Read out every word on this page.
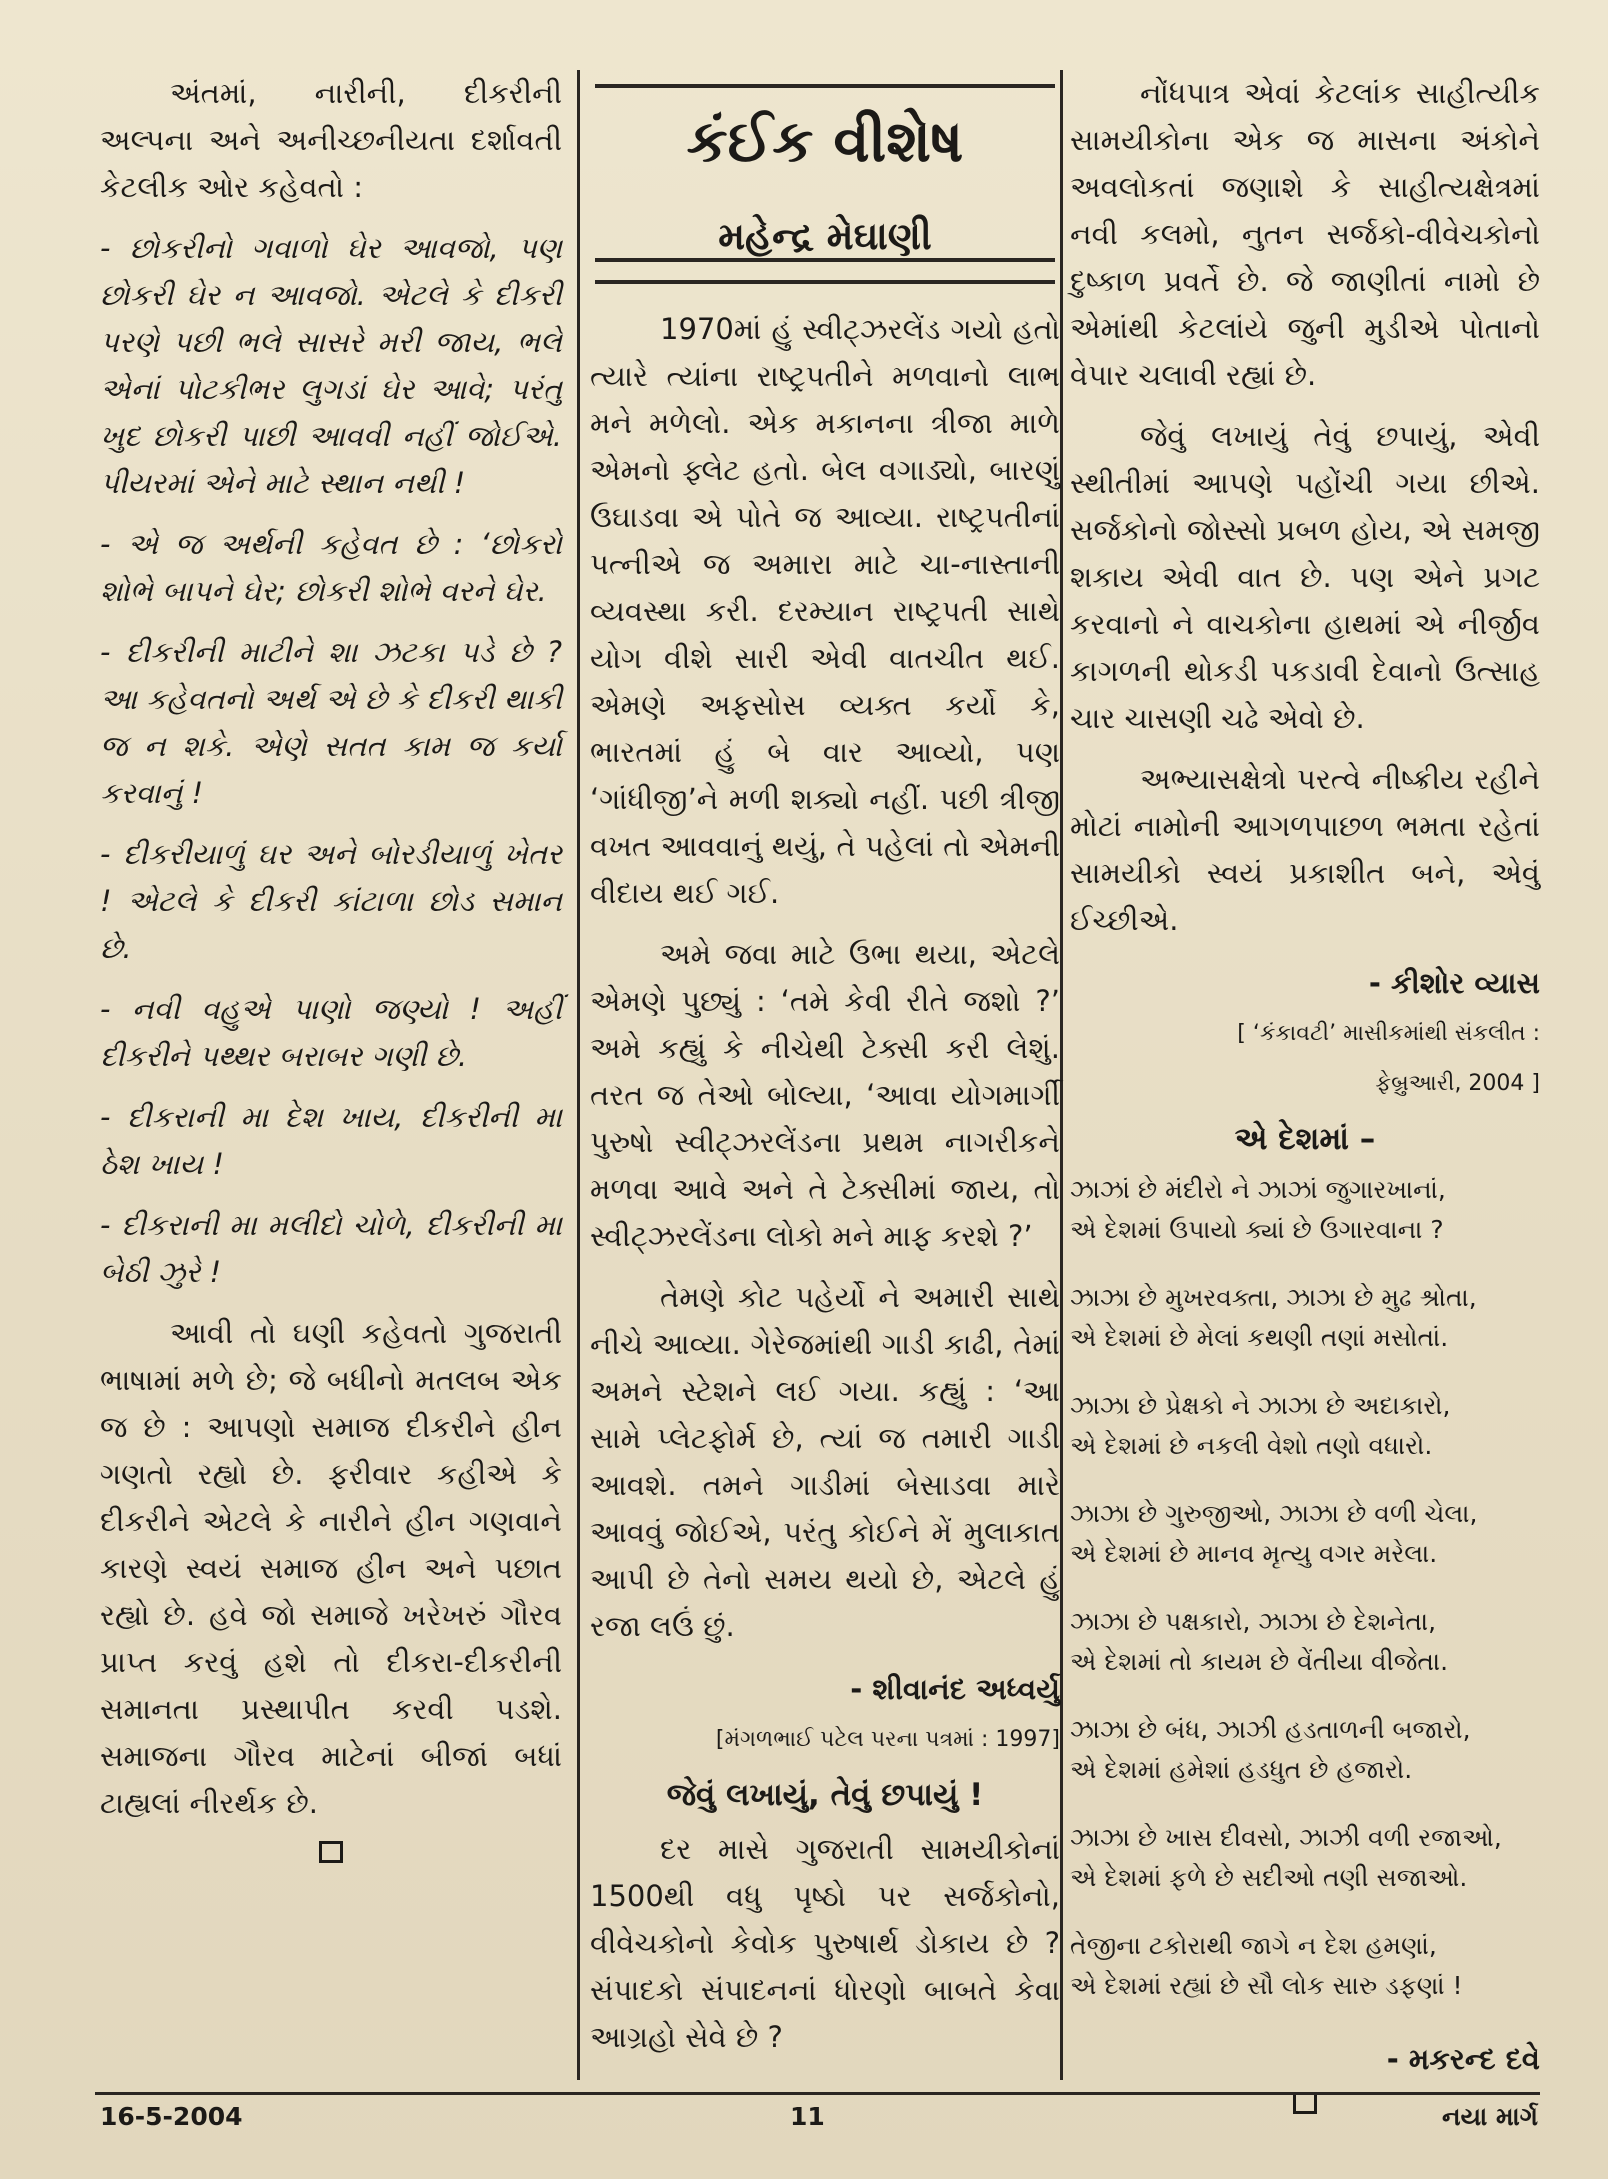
અંતમાં, નારીની, દીકરીની અલ્પના અને અનીચ્છનીયતા દર્શાવતી કેટલીક ઓર કહેવતો :

- છોકરીનો ગવાળો ઘેર આવજો, પણ છોકરી ઘેર ન આવજો. એટલે કે દીકરી પરણે પછી ભલે સાસરે મરી જાય, ભલે એનાં પોટકીભર લુગડાં ઘેર આવે; પરંતુ ખુદ છોકરી પાછી આવવી નહીં જોઈએ. પીયરમાં એને માટે સ્થાન નથી !

- એ જ અર્થની કહેવત છે : ‘છોકરો શોભે બાપને ઘેર; છોકરી શોભે વરને ઘેર.

- દીકરીની માટીને શા ઝટકા પડે છે ? આ કહેવતનો અર્થ એ છે કે દીકરી થાકી જ ન શકે. એણે સતત કામ જ કર્યા કરવાનું !

- દીકરીયાળું ઘર અને બોરડીયાળું ખેતર ! એટલે કે દીકરી કાંટાળા છોડ સમાન છે.

- નવી વહુએ પાણો જણ્યો ! અહીં દીકરીને પથ્થર બરાબર ગણી છે.

- દીકરાની મા દેશ ખાય, દીકરીની મા ઠેશ ખાય !

- દીકરાની મા મલીદો ચોળે, દીકરીની મા બેઠી ઝુરે !

આવી તો ઘણી કહેવતો ગુજરાતી ભાષામાં મળે છે; જે બધીનો મતલબ એક જ છે : આપણો સમાજ દીકરીને હીન ગણતો રહ્યો છે. ફરીવાર કહીએ કે દીકરીને એટલે કે નારીને હીન ગણવાને કારણે સ્વયં સમાજ હીન અને પછાત રહ્યો છે. હવે જો સમાજે ખરેખરું ગૌરવ પ્રાપ્ત કરવું હશે તો દીકરા-દીકરીની સમાનતા પ્રસ્થાપીત કરવી પડશે. સમાજના ગૌરવ માટેનાં બીજાં બધાં ટાહ્યલાં નીરર્થક છે.

કંઈક વીશેષ
મહેન્દ્ર મેઘાણી

1970માં હું સ્વીટ્ઝરલેંડ ગયો હતો ત્યારે ત્યાંના રાષ્ટ્રપતીને મળવાનો લાભ મને મળેલો. એક મકાનના ત્રીજા માળે એમનો ફ્લેટ હતો. બેલ વગાડ્યો, બારણું ઉઘાડવા એ પોતે જ આવ્યા. રાષ્ટ્રપતીનાં પત્નીએ જ અમારા માટે ચા-નાસ્તાની વ્યવસ્થા કરી. દરમ્યાન રાષ્ટ્રપતી સાથે યોગ વીશે સારી એવી વાતચીત થઈ. એમણે અફસોસ વ્યક્ત કર્યો કે, ભારતમાં હું બે વાર આવ્યો, પણ ‘ગાંધીજી’ને મળી શક્યો નહીં. પછી ત્રીજી વખત આવવાનું થયું, તે પહેલાં તો એમની વીદાય થઈ ગઈ.

અમે જવા માટે ઉભા થયા, એટલે એમણે પુછ્યું : ‘તમે કેવી રીતે જશો ?’ અમે કહ્યું કે નીચેથી ટેક્સી કરી લેશું. તરત જ તેઓ બોલ્યા, ‘આવા યોગમાર્ગી પુરુષો સ્વીટ્ઝરલેંડના પ્રથમ નાગરીકને મળવા આવે અને તે ટેક્સીમાં જાય, તો સ્વીટ્ઝરલેંડના લોકો મને માફ કરશે ?’

તેમણે કોટ પહેર્યો ને અમારી સાથે નીચે આવ્યા. ગેરેજમાંથી ગાડી કાઢી, તેમાં અમને સ્ટેશને લઈ ગયા. કહ્યું : ‘આ સામે પ્લેટફોર્મ છે, ત્યાં જ તમારી ગાડી આવશે. તમને ગાડીમાં બેસાડવા મારે આવવું જોઈએ, પરંતુ કોઈને મેં મુલાકાત આપી છે તેનો સમય થયો છે, એટલે હું રજા લઉં છું.

- શીવાનંદ અધ્વર્યુ
[મંગળભાઈ પટેલ પરના પત્રમાં : 1997]
જેવું લખાયું, તેવું છપાયું !

દર માસે ગુજરાતી સામયીકોનાં 1500થી વધુ પૃષ્ઠો પર સર્જકોનો, વીવેચકોનો કેવોક પુરુષાર્થ ડોકાય છે ? સંપાદકો સંપાદનનાં ધોરણો બાબતે કેવા આગ્રહો સેવે છે ?

નોંધપાત્ર એવાં કેટલાંક સાહીત્યીક સામયીકોના એક જ માસના અંકોને અવલોકતાં જણાશે કે સાહીત્યક્ષેત્રમાં નવી કલમો, નુતન સર્જકો-વીવેચકોનો દુષ્કાળ પ્રવર્તે છે. જે જાણીતાં નામો છે એમાંથી કેટલાંયે જુની મુડીએ પોતાનો વેપાર ચલાવી રહ્યાં છે.

જેવું લખાયું તેવું છપાયું, એવી સ્થીતીમાં આપણે પહોંચી ગયા છીએ. સર્જકોનો જોસ્સો પ્રબળ હોય, એ સમજી શકાય એવી વાત છે. પણ એને પ્રગટ કરવાનો ને વાચકોના હાથમાં એ નીર્જીવ કાગળની થોકડી પકડાવી દેવાનો ઉત્સાહ ચાર ચાસણી ચઢે એવો છે.

અભ્યાસક્ષેત્રો પરત્વે નીષ્ક્રીય રહીને મોટાં નામોની આગળપાછળ ભમતા રહેતાં સામયીકો સ્વયં પ્રકાશીત બને, એવું ઈચ્છીએ.

- કીશોર વ્યાસ
[ ‘કંકાવટી’ માસીકમાંથી સંકલીત :
ફેબ્રુઆરી, 2004 ]
એ દેશમાં –
ઝાઝાં છે મંદીરો ને ઝાઝાં જુગારખાનાં,
એ દેશમાં ઉપાયો ક્યાં છે ઉગારવાના ?
ઝાઝા છે મુખરવક્તા, ઝાઝા છે મુઢ શ્રોતા,
એ દેશમાં છે મેલાં કથણી તણાં મસોતાં.
ઝાઝા છે પ્રેક્ષકો ને ઝાઝા છે અદાકારો,
એ દેશમાં છે નકલી વેશો તણો વધારો.
ઝાઝા છે ગુરુજીઓ, ઝાઝા છે વળી ચેલા,
એ દેશમાં છે માનવ મૃત્યુ વગર મરેલા.
ઝાઝા છે પક્ષકારો, ઝાઝા છે દેશનેતા,
એ દેશમાં તો કાયમ છે વેંતીયા વીજેતા.
ઝાઝા છે બંધ, ઝાઝી હડતાળની બજારો,
એ દેશમાં હમેશાં હડધુત છે હજારો.
ઝાઝા છે ખાસ દીવસો, ઝાઝી વળી રજાઓ,
એ દેશમાં ફળે છે સદીઓ તણી સજાઓ.
તેજીના ટકોરાથી જાગે ન દેશ હમણાં,
એ દેશમાં રહ્યાં છે સૌ લોક સારુ ડફણાં !
- મકરન્દ દવે
16-5-2004	11	નયા માર્ગ
